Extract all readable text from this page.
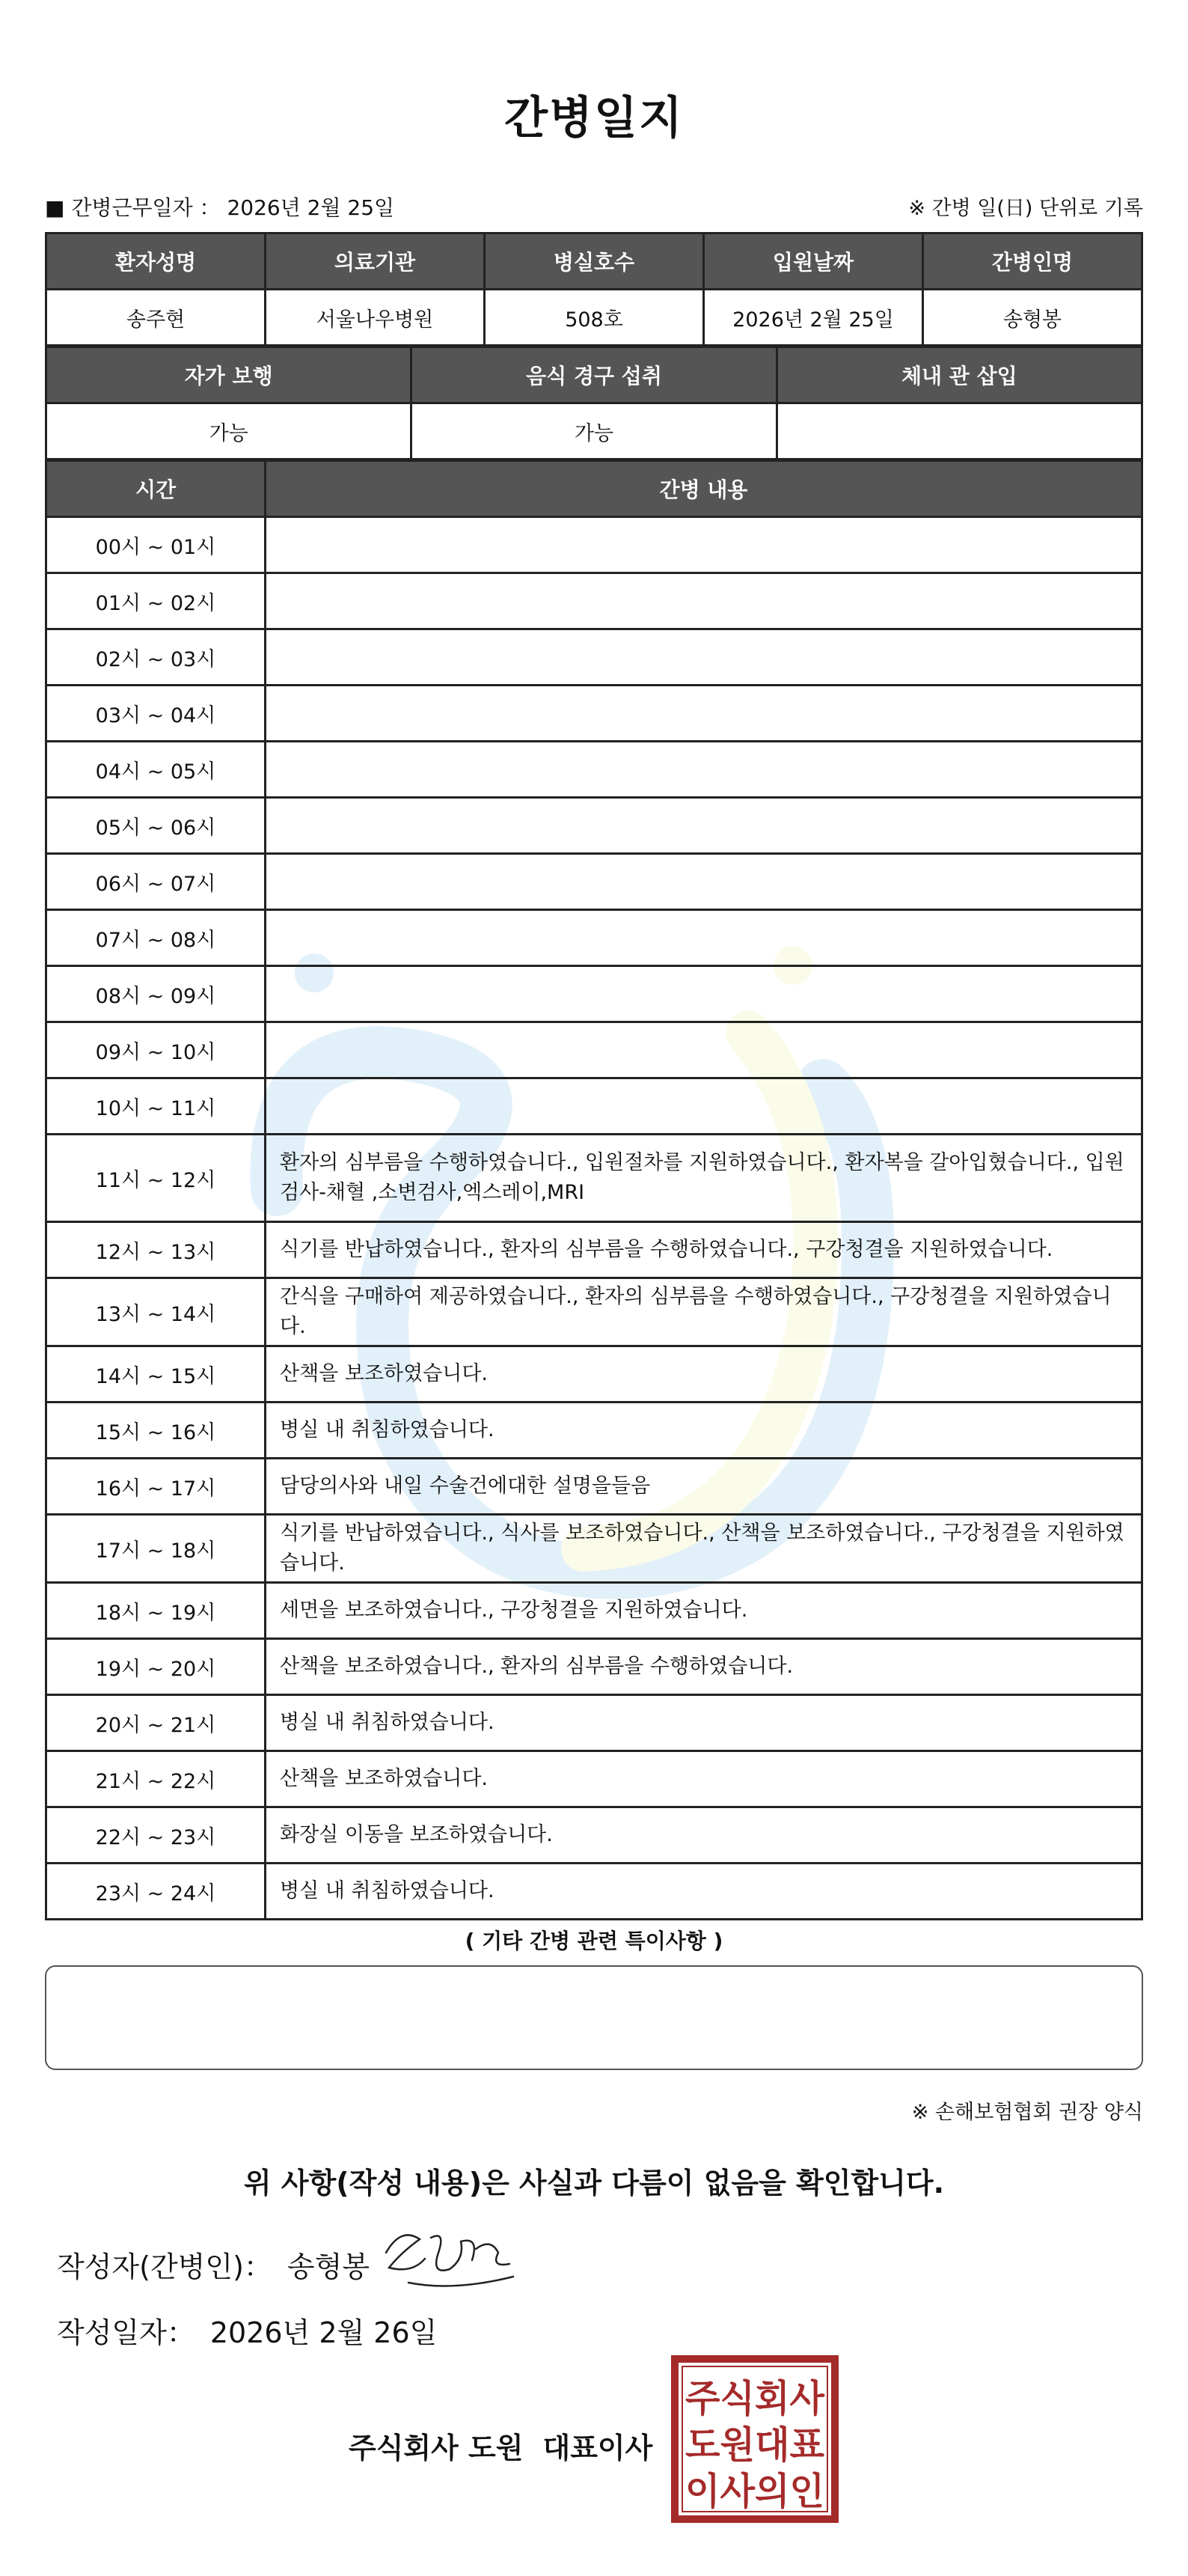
간병일지
■ 간병근무일자 ： 2026년 2월 25일	※ 간병 일(日) 단위로 기록
환자성명	의료기관	병실호수	입원날짜	간병인명
송주현	서울나우병원	508호	2026년 2월 25일	송형봉
자가 보행	음식 경구 섭취	체내 관 삽입
가능	가능	
시간	간병 내용
00시 ~ 01시	
01시 ~ 02시	
02시 ~ 03시	
03시 ~ 04시	
04시 ~ 05시	
05시 ~ 06시	
06시 ~ 07시	
07시 ~ 08시	
08시 ~ 09시	
09시 ~ 10시	
10시 ~ 11시	
11시 ~ 12시	환자의 심부름을 수행하였습니다., 입원절차를 지원하였습니다., 환자복을 갈아입혔습니다., 입원검사-채혈 ,소변검사,엑스레이,MRI
12시 ~ 13시	식기를 반납하였습니다., 환자의 심부름을 수행하였습니다., 구강청결을 지원하였습니다.
13시 ~ 14시	간식을 구매하여 제공하였습니다., 환자의 심부름을 수행하였습니다., 구강청결을 지원하였습니다.
14시 ~ 15시	산책을 보조하였습니다.
15시 ~ 16시	병실 내 취침하였습니다.
16시 ~ 17시	담당의사와 내일 수술건에대한 설명을들음
17시 ~ 18시	식기를 반납하였습니다., 식사를 보조하였습니다., 산책을 보조하였습니다., 구강청결을 지원하였습니다.
18시 ~ 19시	세면을 보조하였습니다., 구강청결을 지원하였습니다.
19시 ~ 20시	산책을 보조하였습니다., 환자의 심부름을 수행하였습니다.
20시 ~ 21시	병실 내 취침하였습니다.
21시 ~ 22시	산책을 보조하였습니다.
22시 ~ 23시	화장실 이동을 보조하였습니다.
23시 ~ 24시	병실 내 취침하였습니다.
( 기타 간병 관련 특이사항 )
※ 손해보험협회 권장 양식
위 사항(작성 내용)은 사실과 다름이 없음을 확인합니다.
작성자(간병인)： 송형봉
작성일자： 2026년 2월 26일
주식회사 도원 대표이사
주식회사
도원대표
이사의인
